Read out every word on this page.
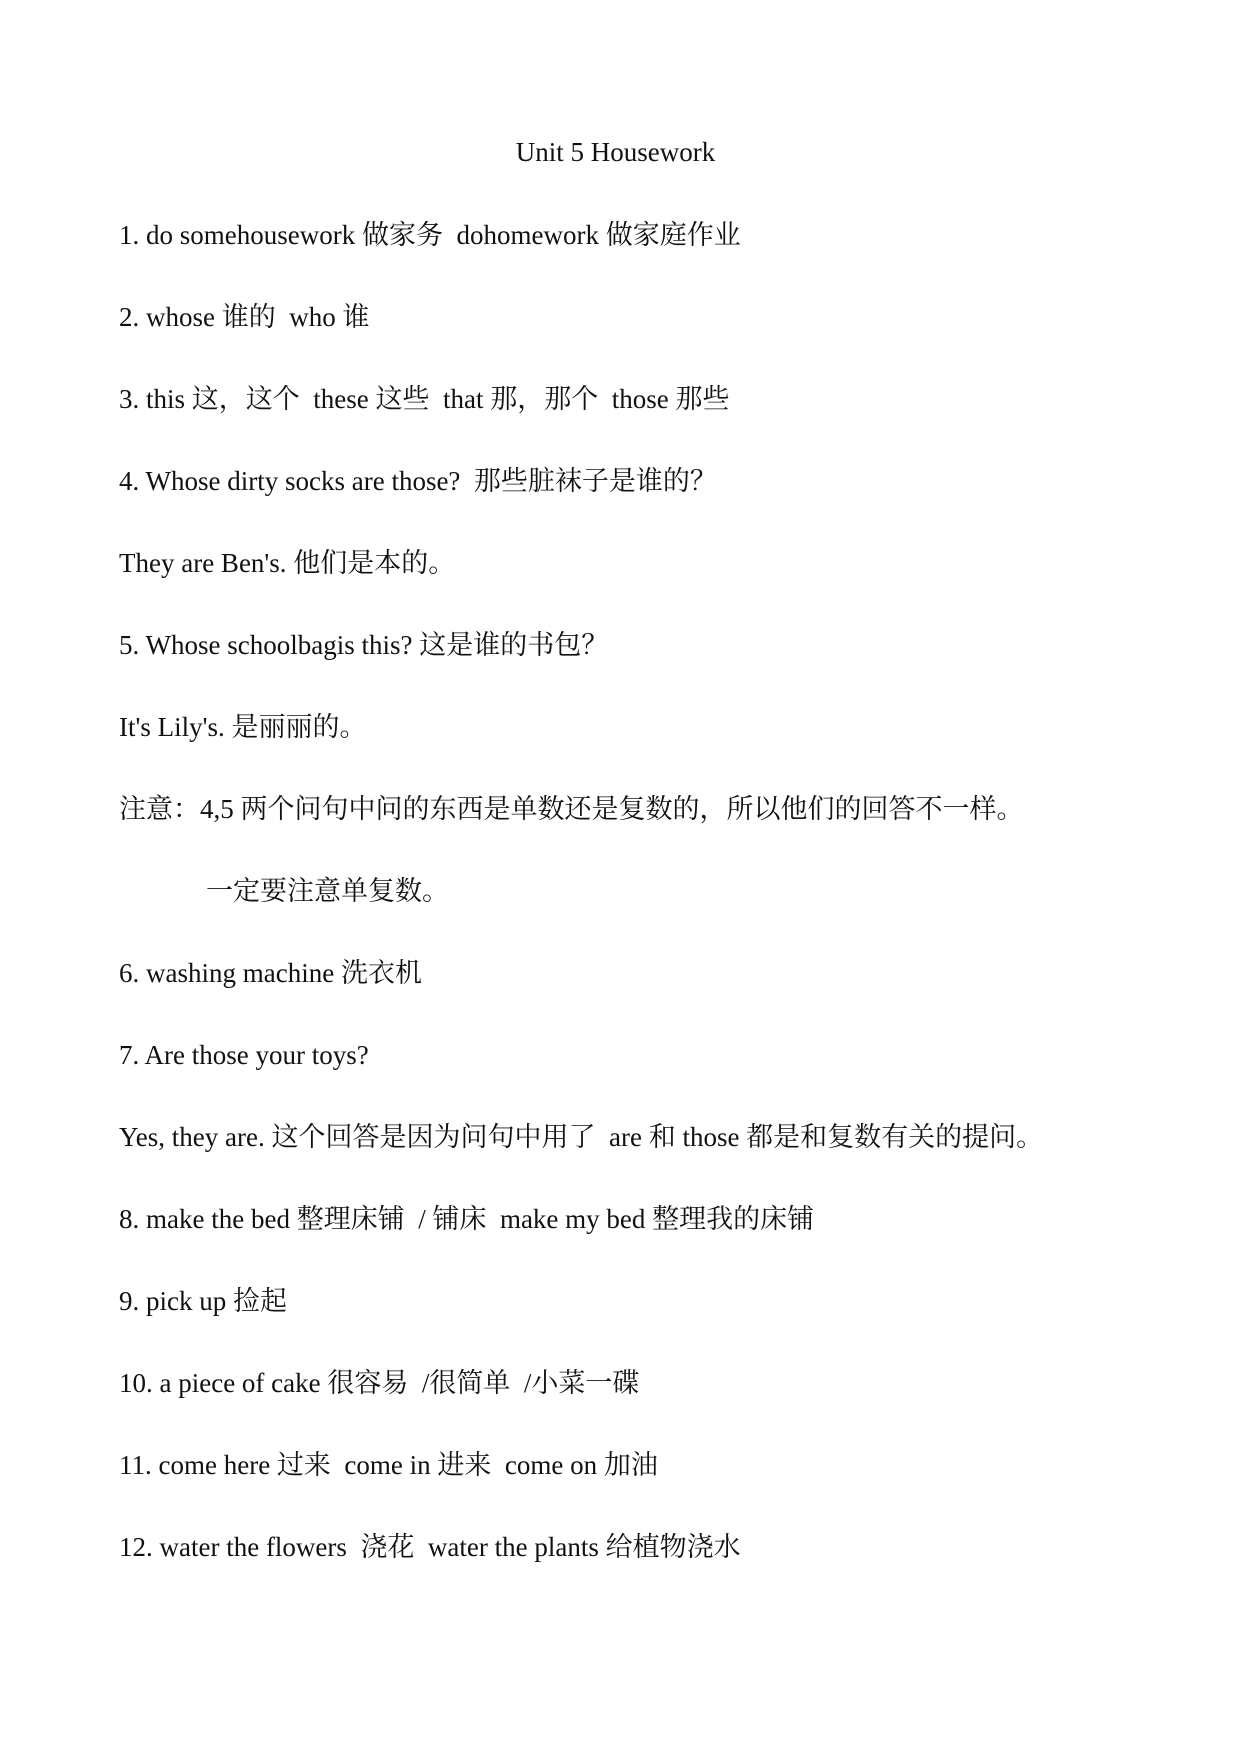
Unit 5 Housework
1. do somehousework 做家务  dohomework 做家庭作业
2. whose 谁的  who 谁
3. this 这，这个  these 这些  that 那，那个  those 那些
4. Whose dirty socks are those?  那些脏袜子是谁的？
They are Ben's. 他们是本的。
5. Whose schoolbagis this? 这是谁的书包？
It's Lily's. 是丽丽的。
注意：4,5 两个问句中问的东西是单数还是复数的，所以他们的回答不一样。
一定要注意单复数。
6. washing machine 洗衣机
7. Are those your toys?
Yes, they are. 这个回答是因为问句中用了  are 和 those 都是和复数有关的提问。
8. make the bed 整理床铺  / 铺床  make my bed 整理我的床铺
9. pick up 捡起
10. a piece of cake 很容易  /很简单  /小菜一碟
11. come here 过来  come in 进来  come on 加油
12. water the flowers  浇花  water the plants 给植物浇水
